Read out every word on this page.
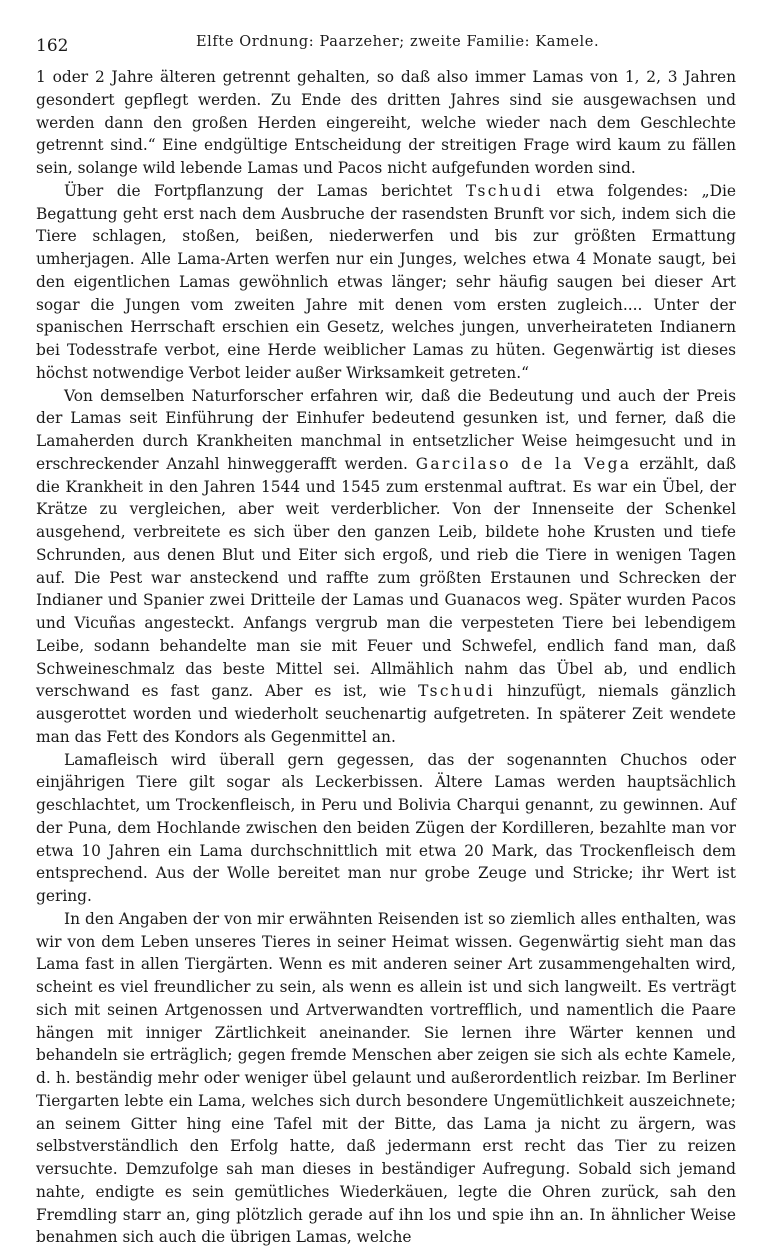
162	Elfte Ordnung: Paarzeher; zweite Familie: Kamele.

1 oder 2 Jahre älteren getrennt gehalten, so daß also immer Lamas von 1, 2, 3 Jahren gesondert gepflegt werden. Zu Ende des dritten Jahres sind sie ausgewachsen und werden dann den großen Herden eingereiht, welche wieder nach dem Geschlechte getrennt sind.“ Eine endgültige Entscheidung der streitigen Frage wird kaum zu fällen sein, solange wild lebende Lamas und Pacos nicht aufgefunden worden sind.

Über die Fortpflanzung der Lamas berichtet Tschudi etwa folgendes: „Die Begattung geht erst nach dem Ausbruche der rasendsten Brunft vor sich, indem sich die Tiere schlagen, stoßen, beißen, niederwerfen und bis zur größten Ermattung umherjagen. Alle Lama-Arten werfen nur ein Junges, welches etwa 4 Monate saugt, bei den eigentlichen Lamas gewöhnlich etwas länger; sehr häufig saugen bei dieser Art sogar die Jungen vom zweiten Jahre mit denen vom ersten zugleich.... Unter der spanischen Herrschaft erschien ein Gesetz, welches jungen, unverheirateten Indianern bei Todesstrafe verbot, eine Herde weiblicher Lamas zu hüten. Gegenwärtig ist dieses höchst notwendige Verbot leider außer Wirksamkeit getreten.“

Von demselben Naturforscher erfahren wir, daß die Bedeutung und auch der Preis der Lamas seit Einführung der Einhufer bedeutend gesunken ist, und ferner, daß die Lamaherden durch Krankheiten manchmal in entsetzlicher Weise heimgesucht und in erschreckender Anzahl hinweggerafft werden. Garcilaso de la Vega erzählt, daß die Krankheit in den Jahren 1544 und 1545 zum erstenmal auftrat. Es war ein Übel, der Krätze zu vergleichen, aber weit verderblicher. Von der Innenseite der Schenkel ausgehend, verbreitete es sich über den ganzen Leib, bildete hohe Krusten und tiefe Schrunden, aus denen Blut und Eiter sich ergoß, und rieb die Tiere in wenigen Tagen auf. Die Pest war ansteckend und raffte zum größten Erstaunen und Schrecken der Indianer und Spanier zwei Dritteile der Lamas und Guanacos weg. Später wurden Pacos und Vicuñas angesteckt. Anfangs vergrub man die verpesteten Tiere bei lebendigem Leibe, sodann behandelte man sie mit Feuer und Schwefel, endlich fand man, daß Schweineschmalz das beste Mittel sei. Allmählich nahm das Übel ab, und endlich verschwand es fast ganz. Aber es ist, wie Tschudi hinzufügt, niemals gänzlich ausgerottet worden und wiederholt seuchenartig aufgetreten. In späterer Zeit wendete man das Fett des Kondors als Gegenmittel an.

Lamafleisch wird überall gern gegessen, das der sogenannten Chuchos oder einjährigen Tiere gilt sogar als Leckerbissen. Ältere Lamas werden hauptsächlich geschlachtet, um Trockenfleisch, in Peru und Bolivia Charqui genannt, zu gewinnen. Auf der Puna, dem Hochlande zwischen den beiden Zügen der Kordilleren, bezahlte man vor etwa 10 Jahren ein Lama durchschnittlich mit etwa 20 Mark, das Trockenfleisch dem entsprechend. Aus der Wolle bereitet man nur grobe Zeuge und Stricke; ihr Wert ist gering.

In den Angaben der von mir erwähnten Reisenden ist so ziemlich alles enthalten, was wir von dem Leben unseres Tieres in seiner Heimat wissen. Gegenwärtig sieht man das Lama fast in allen Tiergärten. Wenn es mit anderen seiner Art zusammengehalten wird, scheint es viel freundlicher zu sein, als wenn es allein ist und sich langweilt. Es verträgt sich mit seinen Artgenossen und Artverwandten vortrefflich, und namentlich die Paare hängen mit inniger Zärtlichkeit aneinander. Sie lernen ihre Wärter kennen und behandeln sie erträglich; gegen fremde Menschen aber zeigen sie sich als echte Kamele, d. h. beständig mehr oder weniger übel gelaunt und außerordentlich reizbar. Im Berliner Tiergarten lebte ein Lama, welches sich durch besondere Ungemütlichkeit auszeichnete; an seinem Gitter hing eine Tafel mit der Bitte, das Lama ja nicht zu ärgern, was selbstverständlich den Erfolg hatte, daß jedermann erst recht das Tier zu reizen versuchte. Demzufolge sah man dieses in beständiger Aufregung. Sobald sich jemand nahte, endigte es sein gemütliches Wiederkäuen, legte die Ohren zurück, sah den Fremdling starr an, ging plötzlich gerade auf ihn los und spie ihn an. In ähnlicher Weise benahmen sich auch die übrigen Lamas, welche
